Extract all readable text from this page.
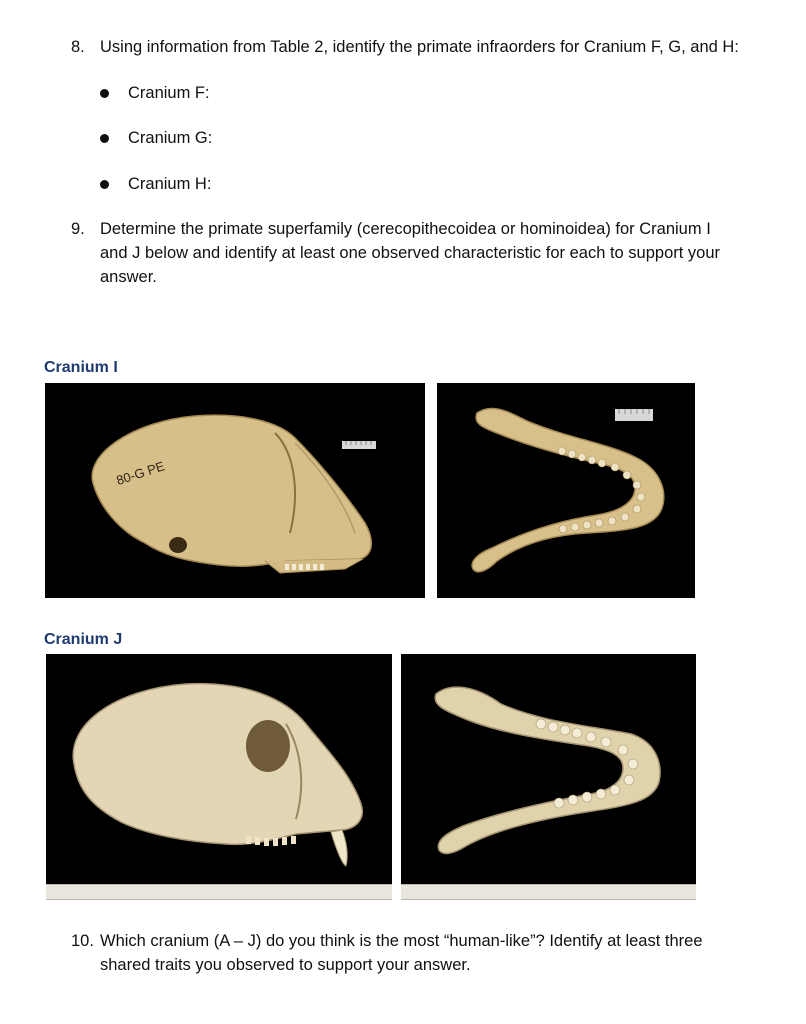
8. Using information from Table 2, identify the primate infraorders for Cranium F, G, and H:
Cranium F:
Cranium G:
Cranium H:
9. Determine the primate superfamily (cerecopithecoidea or hominoidea) for Cranium I
and J below and identify at least one observed characteristic for each to support your
answer.
Cranium I
80-G PE
Cranium J
10. Which cranium (A – J) do you think is the most “human-like”? Identify at least three
shared traits you observed to support your answer.
